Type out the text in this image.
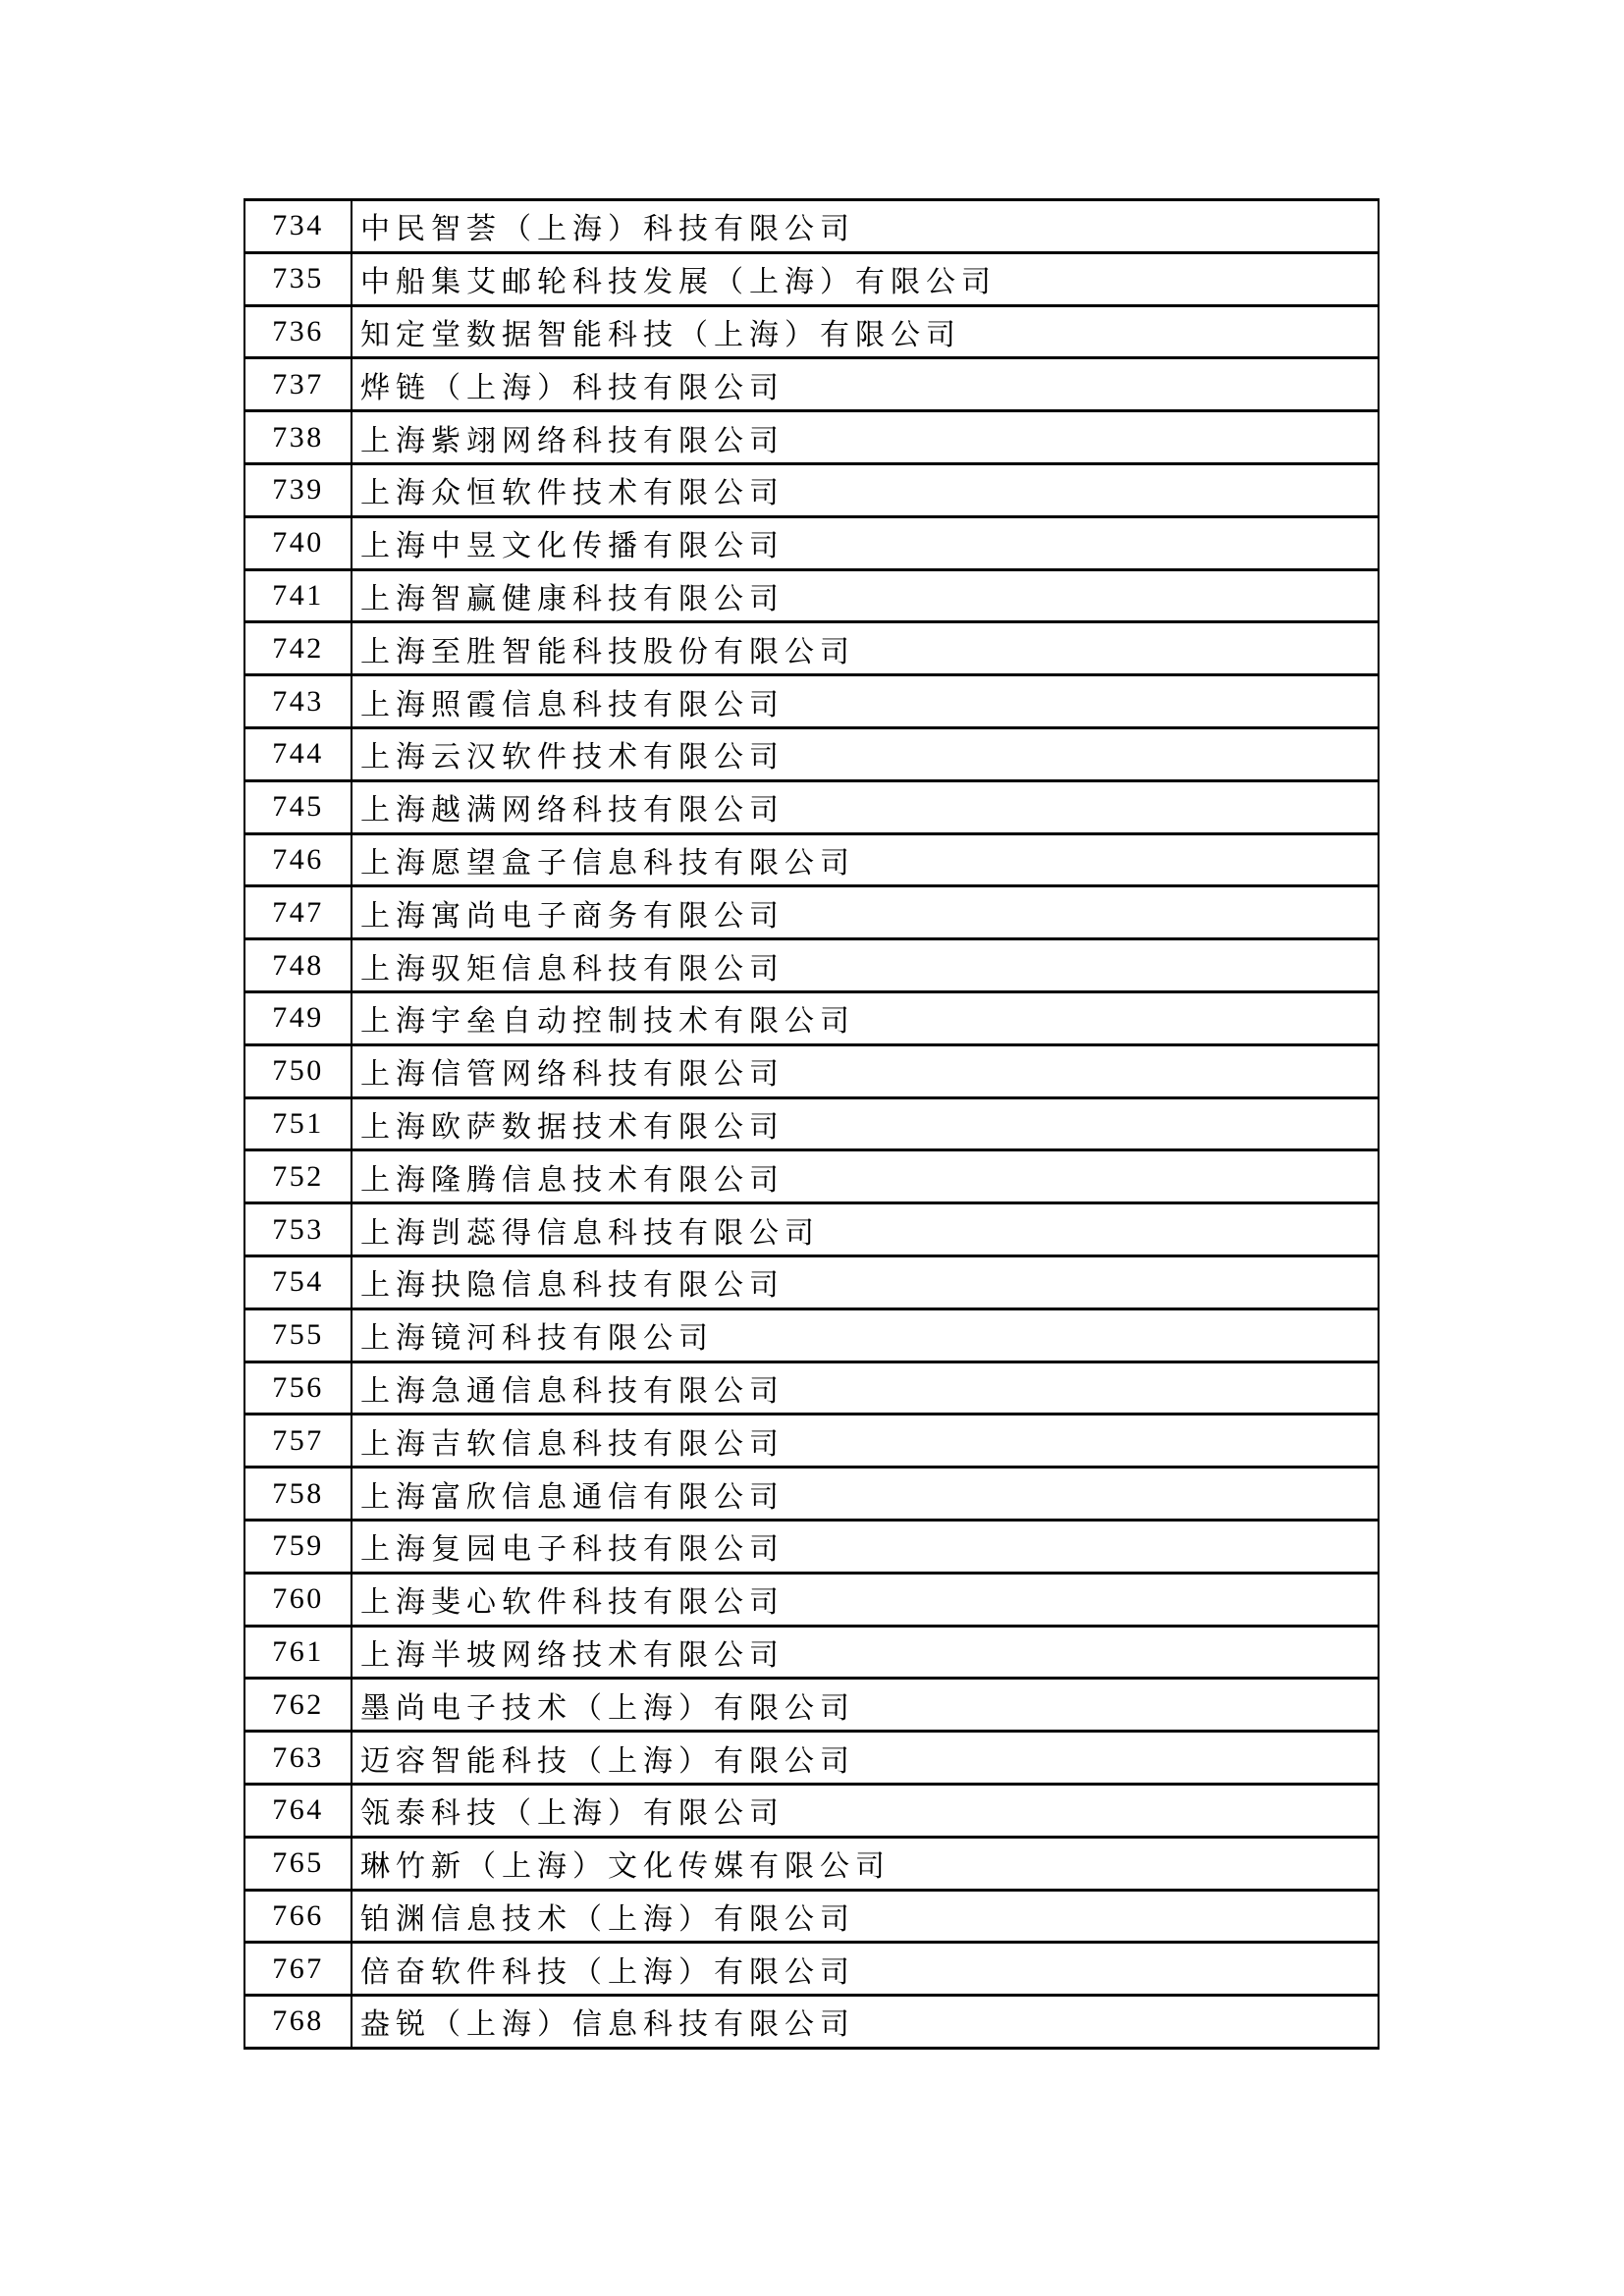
734	中民智荟（上海）科技有限公司
735	中船集艾邮轮科技发展（上海）有限公司
736	知定堂数据智能科技（上海）有限公司
737	烨链（上海）科技有限公司
738	上海紫翊网络科技有限公司
739	上海众恒软件技术有限公司
740	上海中昱文化传播有限公司
741	上海智赢健康科技有限公司
742	上海至胜智能科技股份有限公司
743	上海照霞信息科技有限公司
744	上海云汉软件技术有限公司
745	上海越满网络科技有限公司
746	上海愿望盒子信息科技有限公司
747	上海寓尚电子商务有限公司
748	上海驭矩信息科技有限公司
749	上海宇垒自动控制技术有限公司
750	上海信管网络科技有限公司
751	上海欧萨数据技术有限公司
752	上海隆腾信息技术有限公司
753	上海剀蕊得信息科技有限公司
754	上海抉隐信息科技有限公司
755	上海镜河科技有限公司
756	上海急通信息科技有限公司
757	上海吉软信息科技有限公司
758	上海富欣信息通信有限公司
759	上海复园电子科技有限公司
760	上海斐心软件科技有限公司
761	上海半坡网络技术有限公司
762	墨尚电子技术（上海）有限公司
763	迈容智能科技（上海）有限公司
764	瓴泰科技（上海）有限公司
765	琳竹新（上海）文化传媒有限公司
766	铂渊信息技术（上海）有限公司
767	倍奋软件科技（上海）有限公司
768	盎锐（上海）信息科技有限公司
